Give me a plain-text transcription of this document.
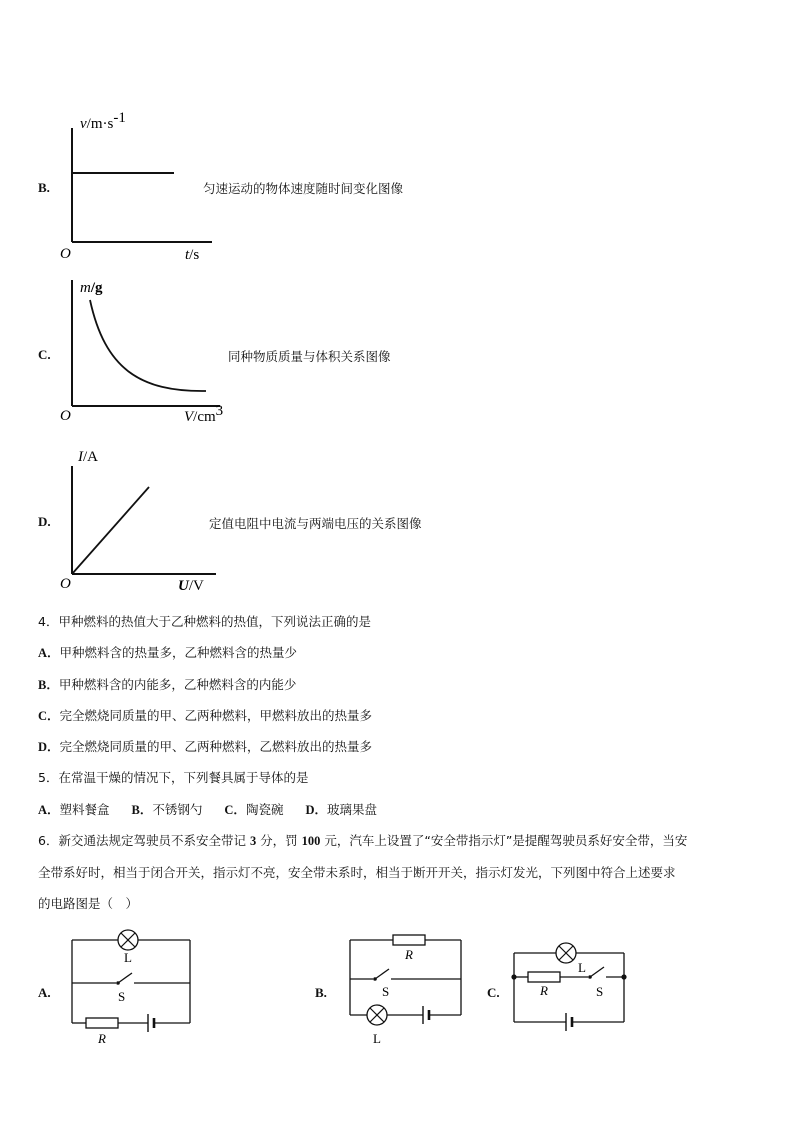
B.
v/m·s-1
O	t/s
匀速运动的物体速度随时间变化图像
C.
m/g
O	V/cm3
同种物质质量与体积关系图像
D.
I/A
O	U/V
定值电阻中电流与两端电压的关系图像
4．甲种燃料的热值大于乙种燃料的热值，下列说法正确的是
A．甲种燃料含的热量多，乙种燃料含的热量少
B．甲种燃料含的内能多，乙种燃料含的内能少
C．完全燃烧同质量的甲、乙两种燃料，甲燃料放出的热量多
D．完全燃烧同质量的甲、乙两种燃料，乙燃料放出的热量多
5．在常温干燥的情况下，下列餐具属于导体的是
A．塑料餐盒 B．不锈钢勺 C．陶瓷碗 D．玻璃果盘
6．新交通法规定驾驶员不系安全带记 3 分，罚 100 元，汽车上设置了“安全带指示灯”是提醒驾驶员系好安全带，当安
全带系好时，相当于闭合开关，指示灯不亮，安全带未系时，相当于断开开关，指示灯发光，下列图中符合上述要求
的电路图是（　）
A.
L
S
R
B.
R
S
L
C.
L
R	S
